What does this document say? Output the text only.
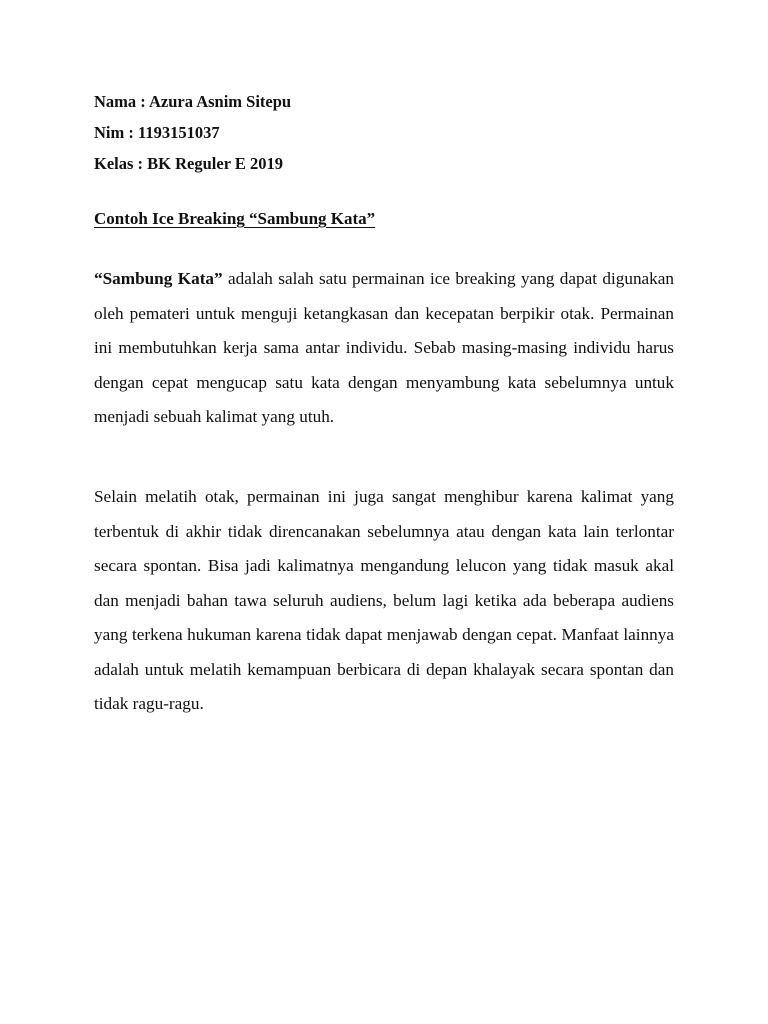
Nama : Azura Asnim Sitepu
Nim : 1193151037
Kelas : BK Reguler E 2019
Contoh Ice Breaking “Sambung Kata”

“Sambung Kata” adalah salah satu permainan ice breaking yang dapat digunakan oleh pemateri untuk menguji ketangkasan dan kecepatan berpikir otak. Permainan ini membutuhkan kerja sama antar individu. Sebab masing-masing individu harus dengan cepat mengucap satu kata dengan menyambung kata sebelumnya untuk menjadi sebuah kalimat yang utuh.

Selain melatih otak, permainan ini juga sangat menghibur karena kalimat yang terbentuk di akhir tidak direncanakan sebelumnya atau dengan kata lain terlontar secara spontan. Bisa jadi kalimatnya mengandung lelucon yang tidak masuk akal dan menjadi bahan tawa seluruh audiens, belum lagi ketika ada beberapa audiens yang terkena hukuman karena tidak dapat menjawab dengan cepat. Manfaat lainnya adalah untuk melatih kemampuan berbicara di depan khalayak secara spontan dan tidak ragu-ragu.
